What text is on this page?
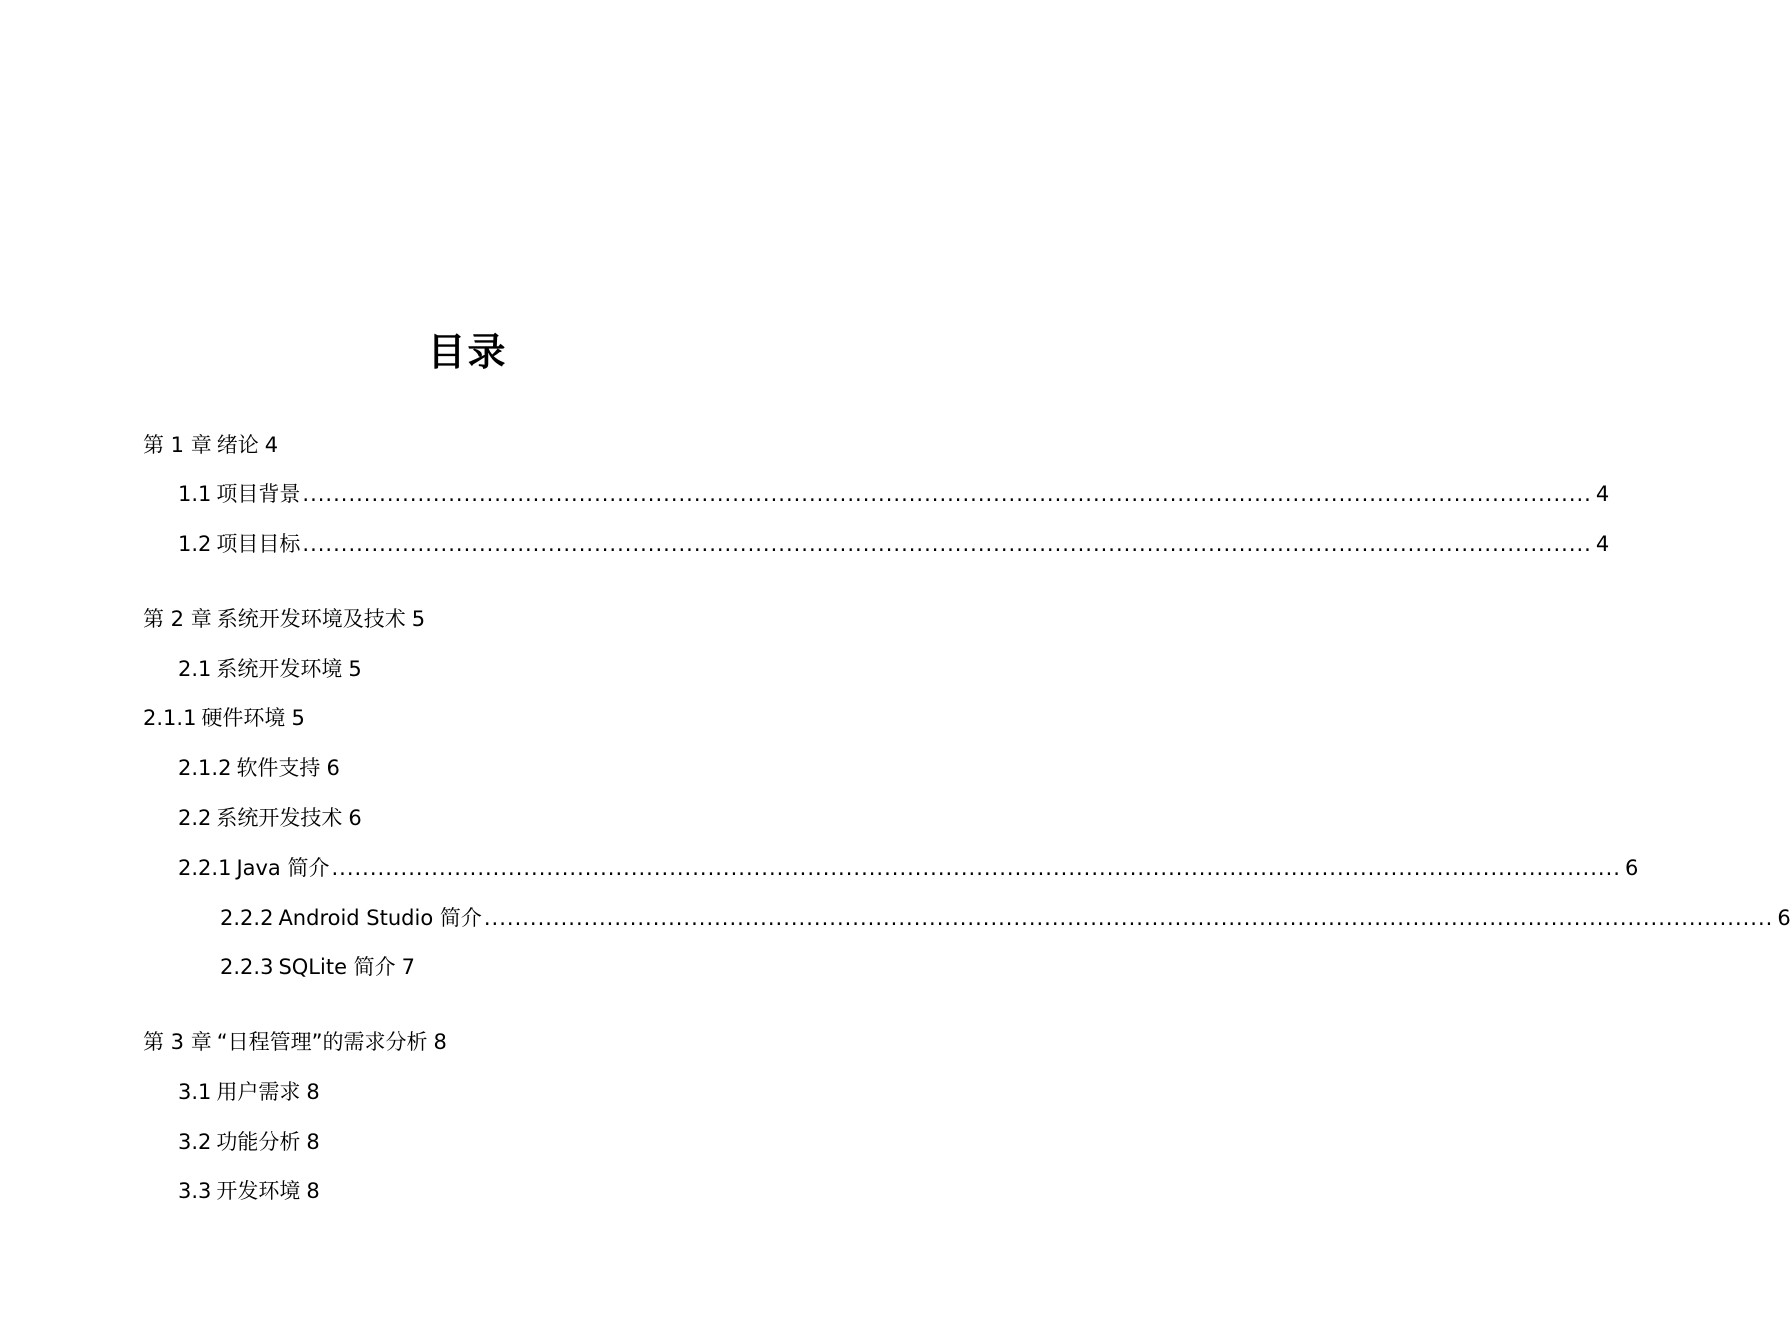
目录
第 1 章 绪论 4
1.1 项目背景 ........................................................................................................................................................................ 4
1.2 项目目标 ........................................................................................................................................................................ 4
第 2 章 系统开发环境及技术 5
2.1 系统开发环境 5
2.1.1 硬件环境 5
2.1.2 软件支持 6
2.2 系统开发技术 6
2.2.1 Java 简介 ........................................................................................................................................................................ 6
2.2.2 Android Studio 简介 ........................................................................................................................................................................ 6
2.2.3 SQLite 简介 7
第 3 章 “日程管理”的需求分析 8
3.1 用户需求 8
3.2 功能分析 8
3.3 开发环境 8
